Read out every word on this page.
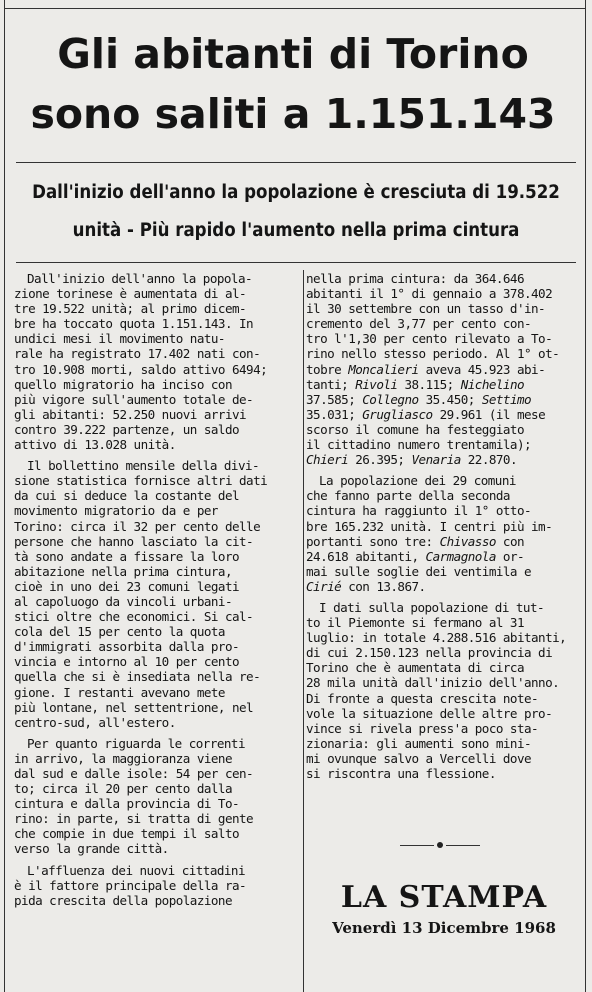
Gli abitanti di Torino
sono saliti a 1.151.143
Dall'inizio dell'anno la popolazione è cresciuta di 19.522
unità - Più rapido l'aumento nella prima cintura

Dall'inizio dell'anno la popola-
zione torinese è aumentata di al-
tre 19.522 unità; al primo dicem-
bre ha toccato quota 1.151.143. In
undici mesi il movimento natu-
rale ha registrato 17.402 nati con-
tro 10.908 morti, saldo attivo 6494;
quello migratorio ha inciso con
più vigore sull'aumento totale de-
gli abitanti: 52.250 nuovi arrivi
contro 39.222 partenze, un saldo
attivo di 13.028 unità.

Il bollettino mensile della divi-
sione statistica fornisce altri dati
da cui si deduce la costante del
movimento migratorio da e per
Torino: circa il 32 per cento delle
persone che hanno lasciato la cit-
tà sono andate a fissare la loro
abitazione nella prima cintura,
cioè in uno dei 23 comuni legati
al capoluogo da vincoli urbani-
stici oltre che economici. Si cal-
cola del 15 per cento la quota
d'immigrati assorbita dalla pro-
vincia e intorno al 10 per cento
quella che si è insediata nella re-
gione. I restanti avevano mete
più lontane, nel settentrione, nel
centro-sud, all'estero.

Per quanto riguarda le correnti
in arrivo, la maggioranza viene
dal sud e dalle isole: 54 per cen-
to; circa il 20 per cento dalla
cintura e dalla provincia di To-
rino: in parte, si tratta di gente
che compie in due tempi il salto
verso la grande città.

L'affluenza dei nuovi cittadini
è il fattore principale della ra-
pida crescita della popolazione

nella prima cintura: da 364.646
abitanti il 1° di gennaio a 378.402
il 30 settembre con un tasso d'in-
cremento del 3,77 per cento con-
tro l'1,30 per cento rilevato a To-
rino nello stesso periodo. Al 1° ot-
tobre Moncalieri aveva 45.923 abi-
tanti; Rivoli 38.115; Nichelino
37.585; Collegno 35.450; Settimo
35.031; Grugliasco 29.961 (il mese
scorso il comune ha festeggiato
il cittadino numero trentamila);
Chieri 26.395; Venaria 22.870.

La popolazione dei 29 comuni
che fanno parte della seconda
cintura ha raggiunto il 1° otto-
bre 165.232 unità. I centri più im-
portanti sono tre: Chivasso con
24.618 abitanti, Carmagnola or-
mai sulle soglie dei ventimila e
Cirié con 13.867.

I dati sulla popolazione di tut-
to il Piemonte si fermano al 31
luglio: in totale 4.288.516 abitanti,
di cui 2.150.123 nella provincia di
Torino che è aumentata di circa
28 mila unità dall'inizio dell'anno.
Di fronte a questa crescita note-
vole la situazione delle altre pro-
vince si rivela press'a poco sta-
zionaria: gli aumenti sono mini-
mi ovunque salvo a Vercelli dove
si riscontra una flessione.

LA STAMPA
Venerdì 13 Dicembre 1968
